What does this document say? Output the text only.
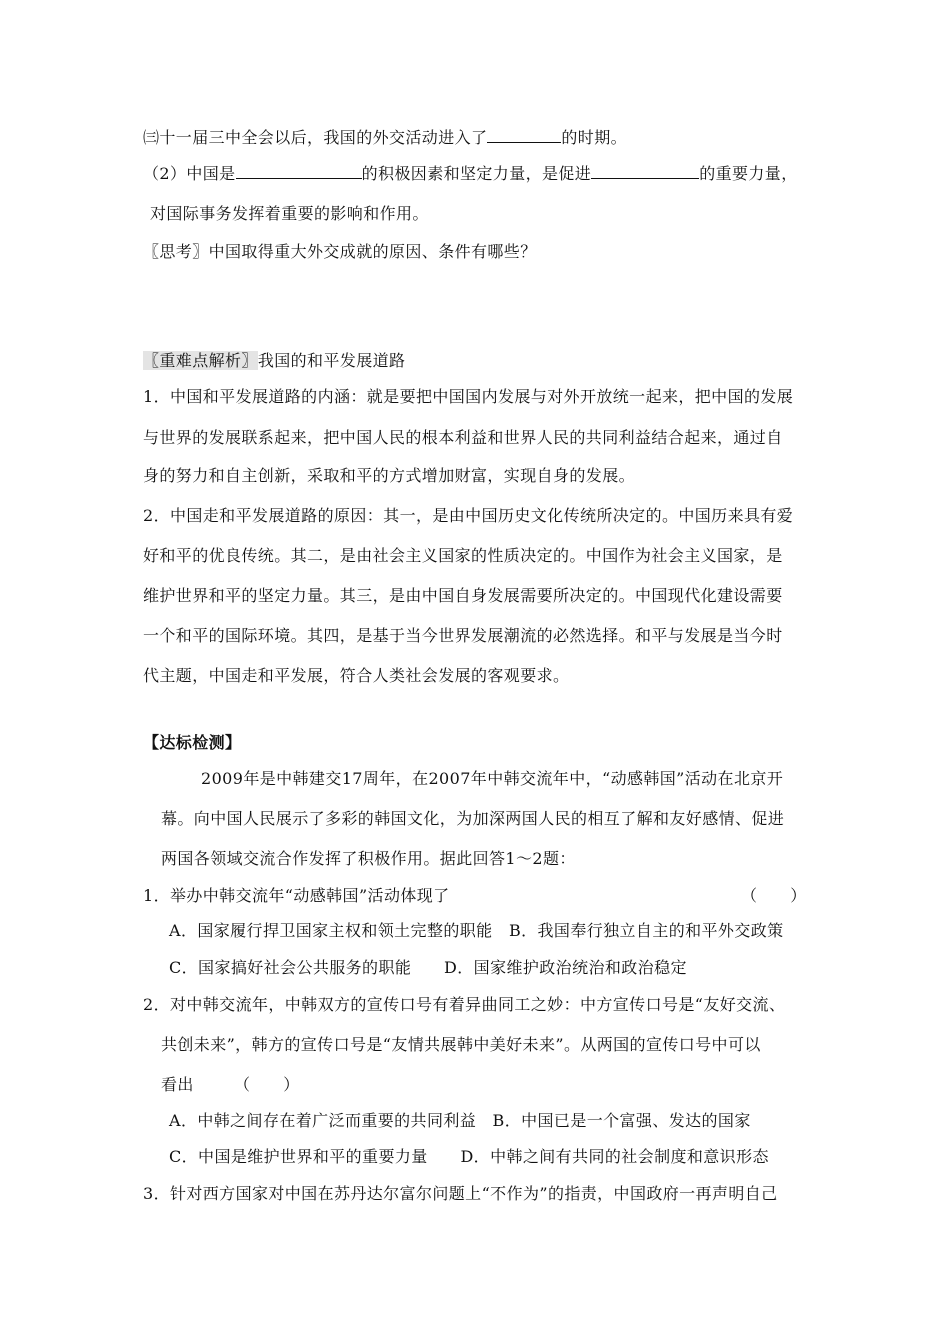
㈢十一届三中全会以后，我国的外交活动进入了	的时期。
（2）中国是	的积极因素和坚定力量，是促进	的重要力量，
对国际事务发挥着重要的影响和作用。
〖思考〗中国取得重大外交成就的原因、条件有哪些？
〖重难点解析〗我国的和平发展道路
1．中国和平发展道路的内涵：就是要把中国国内发展与对外开放统一起来，把中国的发展
与世界的发展联系起来，把中国人民的根本利益和世界人民的共同利益结合起来，通过自
身的努力和自主创新，采取和平的方式增加财富，实现自身的发展。
2．中国走和平发展道路的原因：其一，是由中国历史文化传统所决定的。中国历来具有爱
好和平的优良传统。其二，是由社会主义国家的性质决定的。中国作为社会主义国家，是
维护世界和平的坚定力量。其三，是由中国自身发展需要所决定的。中国现代化建设需要
一个和平的国际环境。其四，是基于当今世界发展潮流的必然选择。和平与发展是当今时
代主题，中国走和平发展，符合人类社会发展的客观要求。
【达标检测】
2009年是中韩建交17周年，在2007年中韩交流年中，“动感韩国”活动在北京开
幕。向中国人民展示了多彩的韩国文化，为加深两国人民的相互了解和友好感情、促进
两国各领域交流合作发挥了积极作用。据此回答1～2题：
1．举办中韩交流年“动感韩国”活动体现了	（　　）
A．国家履行捍卫国家主权和领土完整的职能　B．我国奉行独立自主的和平外交政策
C．国家搞好社会公共服务的职能　　D．国家维护政治统治和政治稳定
2．对中韩交流年，中韩双方的宣传口号有着异曲同工之妙：中方宣传口号是“友好交流、
共创未来”，韩方的宣传口号是“友情共展韩中美好未来”。从两国的宣传口号中可以
看出	（　　）
A．中韩之间存在着广泛而重要的共同利益　B．中国已是一个富强、发达的国家
C．中国是维护世界和平的重要力量　　D．中韩之间有共同的社会制度和意识形态
3．针对西方国家对中国在苏丹达尔富尔问题上“不作为”的指责，中国政府一再声明自己
